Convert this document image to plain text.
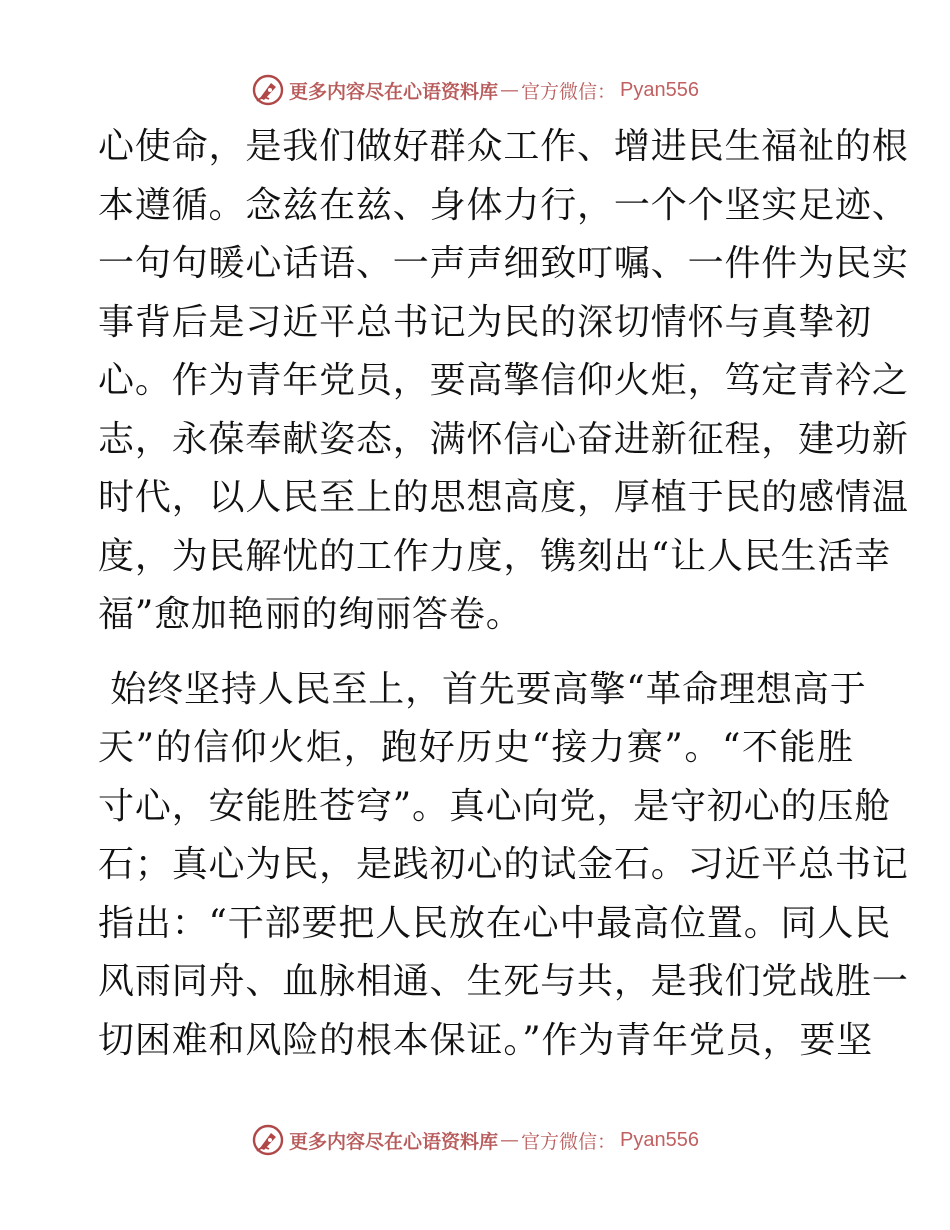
更多内容尽在心语资料库 — 官方微信： Pyan556

心使命，是我们做好群众工作、增进民生福祉的根
本遵循。念兹在兹、身体力行，一个个坚实足迹、
一句句暖心话语、一声声细致叮嘱、一件件为民实
事背后是习近平总书记为民的深切情怀与真挚初
心。作为青年党员，要高擎信仰火炬，笃定青衿之
志，永葆奉献姿态，满怀信心奋进新征程，建功新
时代，以人民至上的思想高度，厚植于民的感情温
度，为民解忧的工作力度，镌刻出“让人民生活幸
福”愈加艳丽的绚丽答卷。

始终坚持人民至上，首先要高擎“革命理想高于
天”的信仰火炬，跑好历史“接力赛”。“不能胜
寸心，安能胜苍穹”。真心向党，是守初心的压舱
石；真心为民，是践初心的试金石。习近平总书记
指出：“干部要把人民放在心中最高位置。同人民
风雨同舟、血脉相通、生死与共，是我们党战胜一
切困难和风险的根本保证。”作为青年党员，要坚

更多内容尽在心语资料库 — 官方微信： Pyan556
